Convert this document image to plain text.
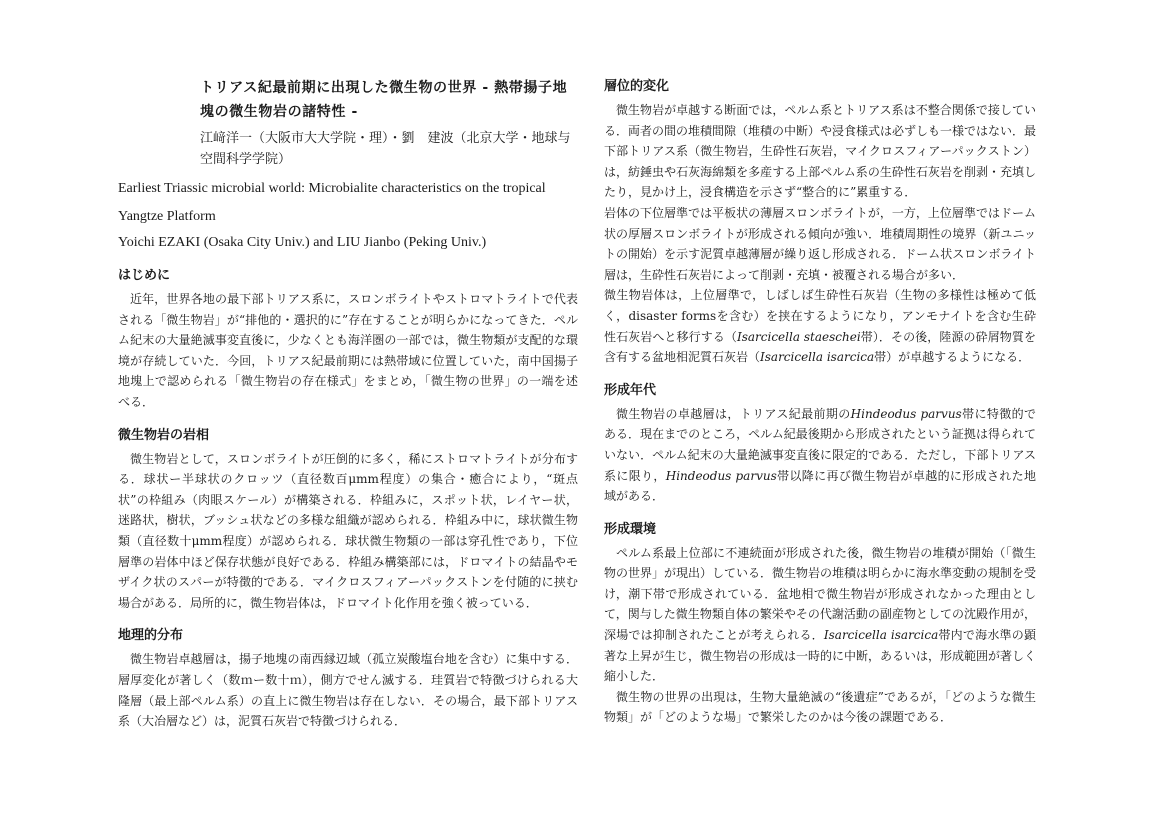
トリアス紀最前期に出現した微生物の世界 - 熱帯揚子地塊の微生物岩の諸特性 -
江﨑洋一（大阪市大大学院・理）・劉　建波（北京大学・地球与空間科学学院）
Earliest Triassic microbial world: Microbialite characteristics on the tropical Yangtze Platform
Yoichi EZAKI (Osaka City Univ.) and LIU Jianbo (Peking Univ.)
はじめに

近年，世界各地の最下部トリアス系に，スロンボライトやストロマトライトで代表される「微生物岩」が“排他的・選択的に”存在することが明らかになってきた．ペルム紀末の大量絶滅事変直後に，少なくとも海洋圏の一部では，微生物類が支配的な環境が存続していた．今回，トリアス紀最前期には熱帯域に位置していた，南中国揚子地塊上で認められる「微生物岩の存在様式」をまとめ，「微生物の世界」の一端を述べる．

微生物岩の岩相

微生物岩として，スロンボライトが圧倒的に多く，稀にストロマトライトが分布する．球状ー半球状のクロッツ（直径数百μmm程度）の集合・癒合により，“斑点状”の枠組み（肉眼スケール）が構築される．枠組みに，スポット状，レイヤー状，迷路状，樹状，ブッシュ状などの多様な組織が認められる．枠組み中に，球状微生物類（直径数十μmm程度）が認められる．球状微生物類の一部は穿孔性であり，下位層準の岩体中ほど保存状態が良好である．枠組み構築部には，ドロマイトの結晶やモザイク状のスパーが特徴的である．マイクロスフィアーパックストンを付随的に挟む場合がある．局所的に，微生物岩体は，ドロマイト化作用を強く被っている．

地理的分布

微生物岩卓越層は，揚子地塊の南西縁辺域（孤立炭酸塩台地を含む）に集中する．層厚変化が著しく（数ｍー数十ｍ），側方でせん滅する．珪質岩で特徴づけられる大隆層（最上部ペルム系）の直上に微生物岩は存在しない．その場合，最下部トリアス系（大冶層など）は，泥質石灰岩で特徴づけられる．

層位的変化

微生物岩が卓越する断面では，ペルム系とトリアス系は不整合関係で接している．両者の間の堆積間隙（堆積の中断）や浸食様式は必ずしも一様ではない．最下部トリアス系（微生物岩，生砕性石灰岩，マイクロスフィアーパックストン）は，紡錘虫や石灰海綿類を多産する上部ペルム系の生砕性石灰岩を削剥・充填したり，見かけ上，浸食構造を示さず“整合的に”累重する．

岩体の下位層準では平板状の薄層スロンボライトが，一方，上位層準ではドーム状の厚層スロンボライトが形成される傾向が強い．堆積周期性の境界（新ユニットの開始）を示す泥質卓越薄層が繰り返し形成される．ドーム状スロンボライト層は，生砕性石灰岩によって削剥・充填・被覆される場合が多い．

微生物岩体は，上位層準で，しばしば生砕性石灰岩（生物の多様性は極めて低く，disaster formsを含む）を挟在するようになり，アンモナイトを含む生砕性石灰岩へと移行する（Isarcicella staeschei帯）．その後，陸源の砕屑物質を含有する盆地相泥質石灰岩（Isarcicella isarcica帯）が卓越するようになる．

形成年代

微生物岩の卓越層は，トリアス紀最前期のHindeodus parvus帯に特徴的である．現在までのところ，ペルム紀最後期から形成されたという証拠は得られていない．ペルム紀末の大量絶滅事変直後に限定的である．ただし，下部トリアス系に限り，Hindeodus parvus帯以降に再び微生物岩が卓越的に形成された地域がある．

形成環境

ペルム系最上位部に不連続面が形成された後，微生物岩の堆積が開始（「微生物の世界」が現出）している．微生物岩の堆積は明らかに海水準変動の規制を受け，潮下帯で形成されている．盆地相で微生物岩が形成されなかった理由として，関与した微生物類自体の繁栄やその代謝活動の副産物としての沈殿作用が，深場では抑制されたことが考えられる．Isarcicella isarcica帯内で海水準の顕著な上昇が生じ，微生物岩の形成は一時的に中断，あるいは，形成範囲が著しく縮小した．

微生物の世界の出現は，生物大量絶滅の“後遺症”であるが，「どのような微生物類」が「どのような場」で繁栄したのかは今後の課題である．
